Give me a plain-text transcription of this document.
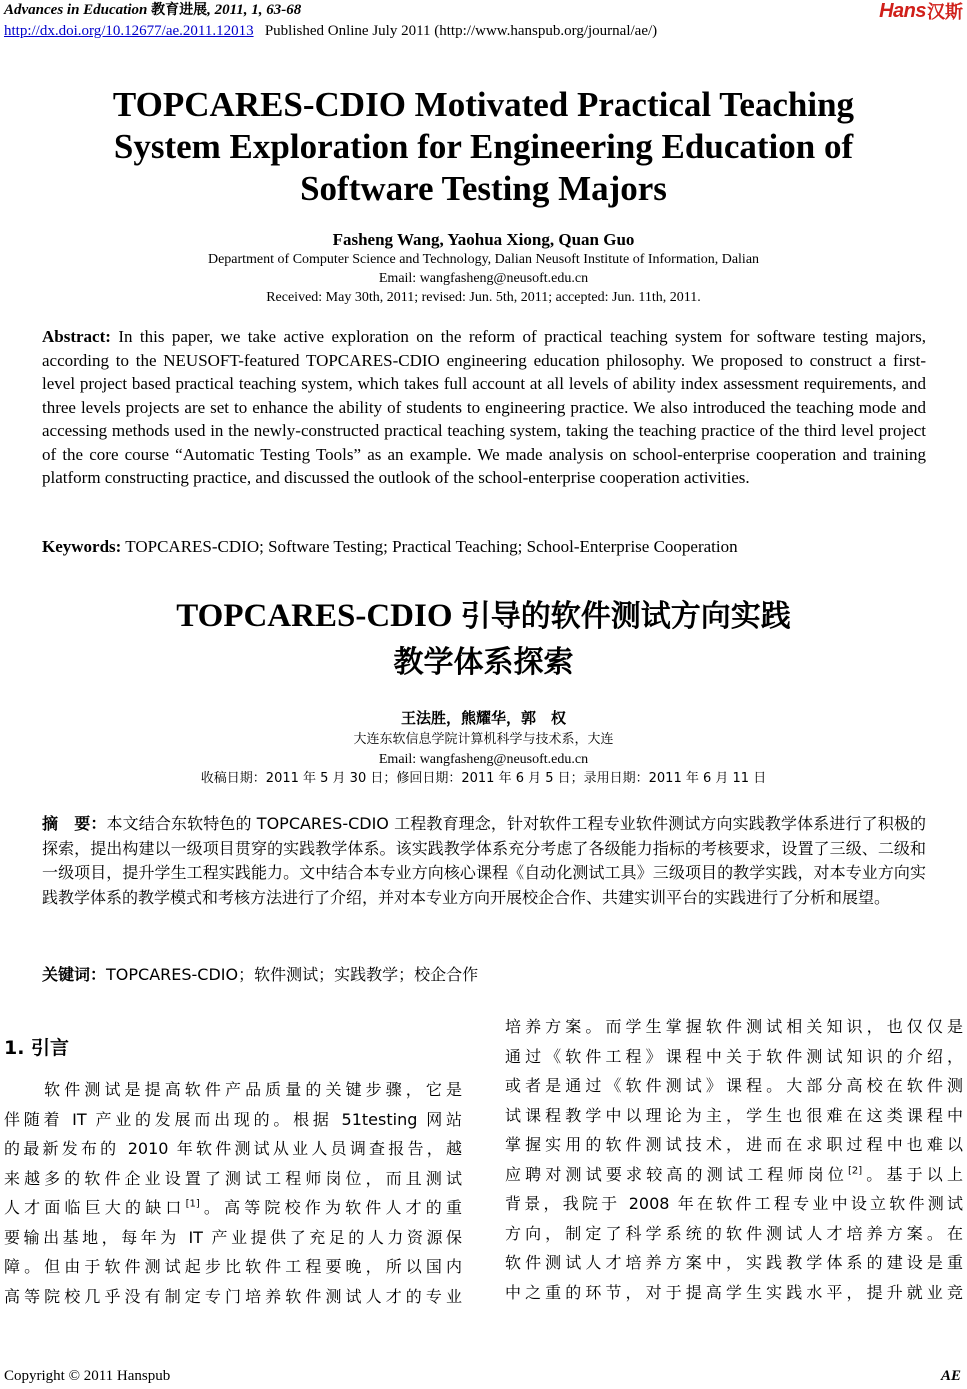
Advances in Education 教育进展, 2011, 1, 63-68
http://dx.doi.org/10.12677/ae.2011.12013 Published Online July 2011 (http://www.hanspub.org/journal/ae/)
Hans 汉斯
TOPCARES-CDIO Motivated Practical Teaching
System Exploration for Engineering Education of
Software Testing Majors
Fasheng Wang, Yaohua Xiong, Quan Guo
Department of Computer Science and Technology, Dalian Neusoft Institute of Information, Dalian
Email: wangfasheng@neusoft.edu.cn
Received: May 30th, 2011; revised: Jun. 5th, 2011; accepted: Jun. 11th, 2011.
Abstract: In this paper, we take active exploration on the reform of practical teaching system for software testing majors, according to the NEUSOFT-featured TOPCARES-CDIO engineering education philosophy. We proposed to construct a first-level project based practical teaching system, which takes full account at all levels of ability index assessment requirements, and three levels projects are set to enhance the ability of students to engineering practice. We also introduced the teaching mode and accessing methods used in the newly-constructed practical teaching system, taking the teaching practice of the third level project of the core course “Automatic Testing Tools” as an example. We made analysis on school-enterprise cooperation and training platform constructing practice, and discussed the outlook of the school-enterprise cooperation activities.
Keywords: TOPCARES-CDIO; Software Testing; Practical Teaching; School-Enterprise Cooperation
TOPCARES-CDIO 引导的软件测试方向实践
教学体系探索
王法胜，熊耀华，郭　权
大连东软信息学院计算机科学与技术系，大连
Email: wangfasheng@neusoft.edu.cn
收稿日期：2011 年 5 月 30 日；修回日期：2011 年 6 月 5 日；录用日期：2011 年 6 月 11 日
摘　要：本文结合东软特色的 TOPCARES-CDIO 工程教育理念，针对软件工程专业软件测试方向实践教学体系进行了积极的探索，提出构建以一级项目贯穿的实践教学体系。该实践教学体系充分考虑了各级能力指标的考核要求，设置了三级、二级和一级项目，提升学生工程实践能力。文中结合本专业方向核心课程《自动化测试工具》三级项目的教学实践，对本专业方向实践教学体系的教学模式和考核方法进行了介绍，并对本专业方向开展校企合作、共建实训平台的实践进行了分析和展望。
关键词：TOPCARES-CDIO；软件测试；实践教学；校企合作
1. 引言
　　软件测试是提高软件产品质量的关键步骤，它是
伴随着 IT 产业的发展而出现的。根据 51testing 网站
的最新发布的 2010 年软件测试从业人员调查报告，越
来越多的软件企业设置了测试工程师岗位，而且测试
人才面临巨大的缺口[1]。高等院校作为软件人才的重
要输出基地，每年为 IT 产业提供了充足的人力资源保
障。但由于软件测试起步比软件工程要晚，所以国内
高等院校几乎没有制定专门培养软件测试人才的专业
培养方案。而学生掌握软件测试相关知识，也仅仅是
通过《软件工程》课程中关于软件测试知识的介绍，
或者是通过《软件测试》课程。大部分高校在软件测
试课程教学中以理论为主，学生也很难在这类课程中
掌握实用的软件测试技术，进而在求职过程中也难以
应聘对测试要求较高的测试工程师岗位[2]。基于以上
背景，我院于 2008 年在软件工程专业中设立软件测试
方向，制定了科学系统的软件测试人才培养方案。在
软件测试人才培养方案中，实践教学体系的建设是重
中之重的环节，对于提高学生实践水平，提升就业竞
Copyright © 2011 Hanspub	AE
